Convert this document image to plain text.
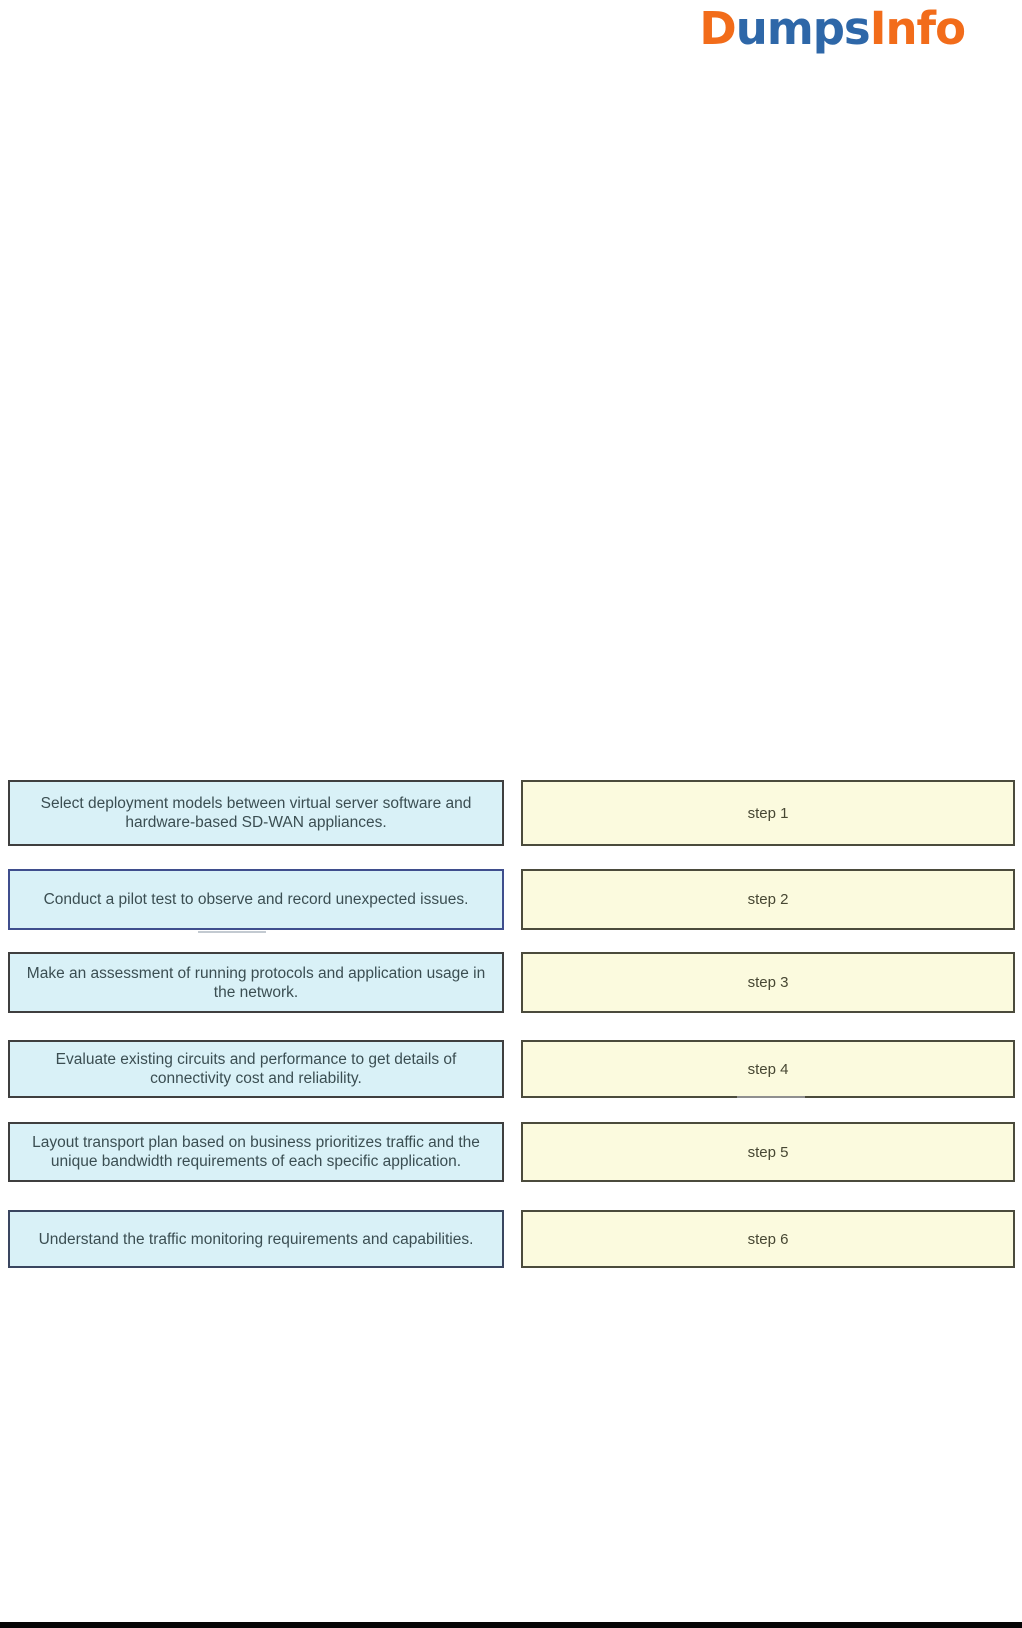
DumpsInfo
Select deployment models between virtual server software and hardware-based SD-WAN appliances.
step 1
Conduct a pilot test to observe and record unexpected issues.	step 2
Make an assessment of running protocols and application usage in the network.
step 3
Evaluate existing circuits and performance to get details of connectivity cost and reliability.
step 4
Layout transport plan based on business prioritizes traffic and the unique bandwidth requirements of each specific application.
step 5
Understand the traffic monitoring requirements and capabilities.	step 6
